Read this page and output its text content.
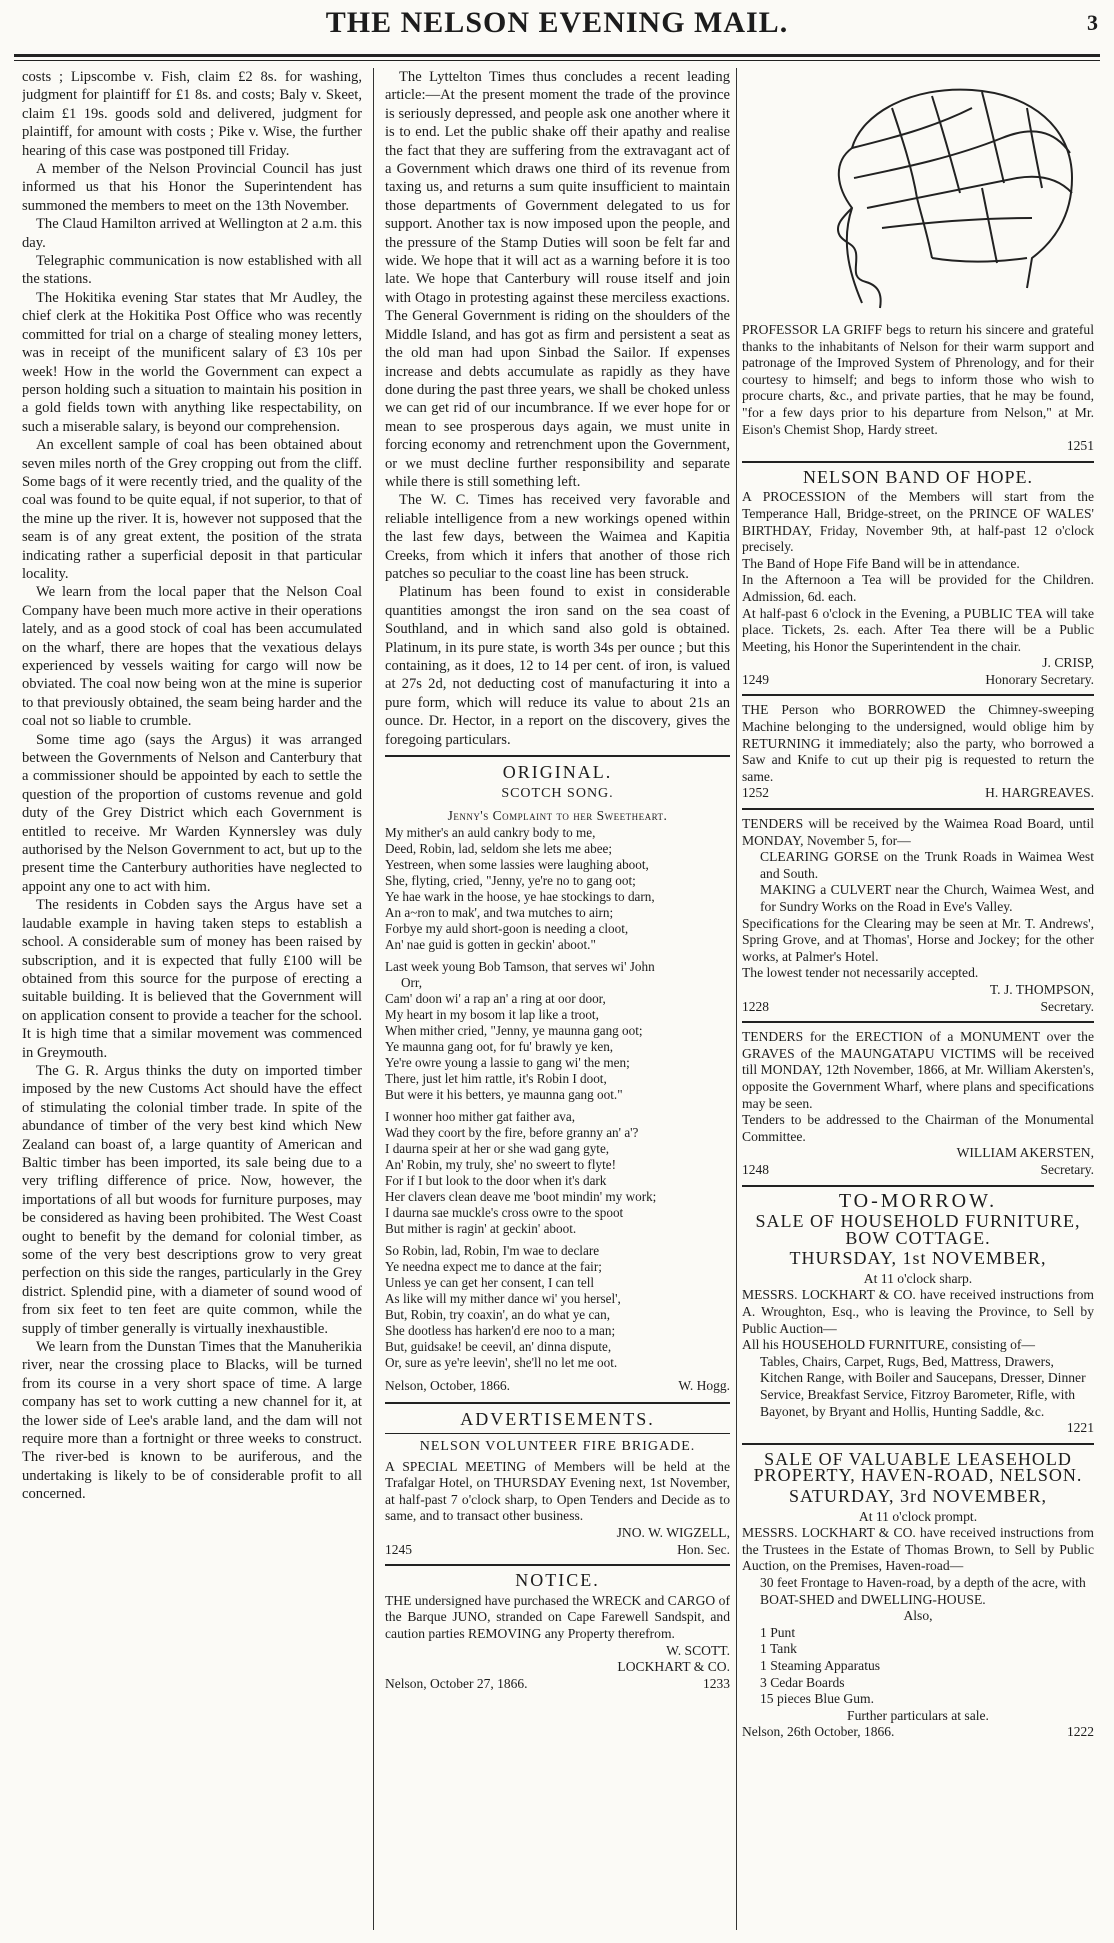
THE NELSON EVENING MAIL.	3

costs ; Lipscombe v. Fish, claim £2 8s. for washing, judgment for plaintiff for £1 8s. and costs; Baly v. Skeet, claim £1 19s. goods sold and delivered, judgment for plaintiff, for amount with costs ; Pike v. Wise, the further hearing of this case was postponed till Friday.

A member of the Nelson Provincial Council has just informed us that his Honor the Superintendent has summoned the members to meet on the 13th November.

The Claud Hamilton arrived at Wellington at 2 a.m. this day.

Telegraphic communication is now established with all the stations.

The Hokitika evening Star states that Mr Audley, the chief clerk at the Hokitika Post Office who was recently committed for trial on a charge of stealing money letters, was in receipt of the munificent salary of £3 10s per week! How in the world the Government can expect a person holding such a situation to maintain his position in a gold fields town with anything like respectability, on such a miserable salary, is beyond our comprehension.

An excellent sample of coal has been obtained about seven miles north of the Grey cropping out from the cliff. Some bags of it were recently tried, and the quality of the coal was found to be quite equal, if not superior, to that of the mine up the river. It is, however not supposed that the seam is of any great extent, the position of the strata indicating rather a superficial deposit in that particular locality.

We learn from the local paper that the Nelson Coal Company have been much more active in their operations lately, and as a good stock of coal has been accumulated on the wharf, there are hopes that the vexatious delays experienced by vessels waiting for cargo will now be obviated. The coal now being won at the mine is superior to that previously obtained, the seam being harder and the coal not so liable to crumble.

Some time ago (says the Argus) it was arranged between the Governments of Nelson and Canterbury that a commissioner should be appointed by each to settle the question of the proportion of customs revenue and gold duty of the Grey District which each Government is entitled to receive. Mr Warden Kynnersley was duly authorised by the Nelson Government to act, but up to the present time the Canterbury authorities have neglected to appoint any one to act with him.

The residents in Cobden says the Argus have set a laudable example in having taken steps to establish a school. A considerable sum of money has been raised by subscription, and it is expected that fully £100 will be obtained from this source for the purpose of erecting a suitable building. It is believed that the Government will on application consent to provide a teacher for the school. It is high time that a similar movement was commenced in Greymouth.

The G. R. Argus thinks the duty on imported timber imposed by the new Customs Act should have the effect of stimulating the colonial timber trade. In spite of the abundance of timber of the very best kind which New Zealand can boast of, a large quantity of American and Baltic timber has been imported, its sale being due to a very trifling difference of price. Now, however, the importations of all but woods for furniture purposes, may be considered as having been prohibited. The West Coast ought to benefit by the demand for colonial timber, as some of the very best descriptions grow to very great perfection on this side the ranges, particularly in the Grey district. Splendid pine, with a diameter of sound wood of from six feet to ten feet are quite common, while the supply of timber generally is virtually inexhaustible.

We learn from the Dunstan Times that the Manuherikia river, near the crossing place to Blacks, will be turned from its course in a very short space of time. A large company has set to work cutting a new channel for it, at the lower side of Lee's arable land, and the dam will not require more than a fortnight or three weeks to construct. The river-bed is known to be auriferous, and the undertaking is likely to be of considerable profit to all concerned.

The Lyttelton Times thus concludes a recent leading article:—At the present moment the trade of the province is seriously depressed, and people ask one another where it is to end. Let the public shake off their apathy and realise the fact that they are suffering from the extravagant act of a Government which draws one third of its revenue from taxing us, and returns a sum quite insufficient to maintain those departments of Government delegated to us for support. Another tax is now imposed upon the people, and the pressure of the Stamp Duties will soon be felt far and wide. We hope that it will act as a warning before it is too late. We hope that Canterbury will rouse itself and join with Otago in protesting against these merciless exactions. The General Government is riding on the shoulders of the Middle Island, and has got as firm and persistent a seat as the old man had upon Sinbad the Sailor. If expenses increase and debts accumulate as rapidly as they have done during the past three years, we shall be choked unless we can get rid of our incumbrance. If we ever hope for or mean to see prosperous days again, we must unite in forcing economy and retrenchment upon the Government, or we must decline further responsibility and separate while there is still something left.

The W. C. Times has received very favorable and reliable intelligence from a new workings opened within the last few days, between the Waimea and Kapitia Creeks, from which it infers that another of those rich patches so peculiar to the coast line has been struck.

Platinum has been found to exist in considerable quantities amongst the iron sand on the sea coast of Southland, and in which sand also gold is obtained. Platinum, in its pure state, is worth 34s per ounce ; but this containing, as it does, 12 to 14 per cent. of iron, is valued at 27s 2d, not deducting cost of manufacturing it into a pure form, which will reduce its value to about 21s an ounce. Dr. Hector, in a report on the discovery, gives the foregoing particulars.

ORIGINAL.
SCOTCH SONG.
Jenny's Complaint to her Sweetheart.
My mither's an auld cankry body to me,
Deed, Robin, lad, seldom she lets me abee;
Yestreen, when some lassies were laughing aboot,
She, flyting, cried, "Jenny, ye're no to gang oot;
Ye hae wark in the hoose, ye hae stockings to darn,
An a~ron to mak', and twa mutches to airn;
Forbye my auld short-goon is needing a cloot,
An' nae guid is gotten in geckin' aboot."
Last week young Bob Tamson, that serves wi' John
Orr,
Cam' doon wi' a rap an' a ring at oor door,
My heart in my bosom it lap like a troot,
When mither cried, "Jenny, ye maunna gang oot;
Ye maunna gang oot, for fu' brawly ye ken,
Ye're owre young a lassie to gang wi' the men;
There, just let him rattle, it's Robin I doot,
But were it his betters, ye maunna gang oot."
I wonner hoo mither gat faither ava,
Wad they coort by the fire, before granny an' a'?
I daurna speir at her or she wad gang gyte,
An' Robin, my truly, she' no sweert to flyte!
For if I but look to the door when it's dark
Her clavers clean deave me 'boot mindin' my work;
I daurna sae muckle's cross owre to the spoot
But mither is ragin' at geckin' aboot.
So Robin, lad, Robin, I'm wae to declare
Ye needna expect me to dance at the fair;
Unless ye can get her consent, I can tell
As like will my mither dance wi' you hersel',
But, Robin, try coaxin', an do what ye can,
She dootless has harken'd ere noo to a man;
But, guidsake! be ceevil, an' dinna dispute,
Or, sure as ye're leevin', she'll no let me oot.
Nelson, October, 1866.	W. Hogg.
ADVERTISEMENTS.
NELSON VOLUNTEER FIRE BRIGADE.

A SPECIAL MEETING of Members will be held at the Trafalgar Hotel, on THURSDAY Evening next, 1st November, at half-past 7 o'clock sharp, to Open Tenders and Decide as to same, and to transact other business.

JNO. W. WIGZELL,
1245	Hon. Sec.
NOTICE.

THE undersigned have purchased the WRECK and CARGO of the Barque JUNO, stranded on Cape Farewell Sandspit, and caution parties REMOVING any Property therefrom.

W. SCOTT.
LOCKHART & CO.
Nelson, October 27, 1866.	1233

PROFESSOR LA GRIFF begs to return his sincere and grateful thanks to the inhabitants of Nelson for their warm support and patronage of the Improved System of Phrenology, and for their courtesy to himself; and begs to inform those who wish to procure charts, &c., and private parties, that he may be found, "for a few days prior to his departure from Nelson," at Mr. Eison's Chemist Shop, Hardy street.

1251
NELSON BAND OF HOPE.

A PROCESSION of the Members will start from the Temperance Hall, Bridge-street, on the PRINCE OF WALES' BIRTHDAY, Friday, November 9th, at half-past 12 o'clock precisely.

The Band of Hope Fife Band will be in attendance.

In the Afternoon a Tea will be provided for the Children. Admission, 6d. each.

At half-past 6 o'clock in the Evening, a PUBLIC TEA will take place. Tickets, 2s. each. After Tea there will be a Public Meeting, his Honor the Superintendent in the chair.

J. CRISP,
1249	Honorary Secretary.

THE Person who BORROWED the Chimney-sweeping Machine belonging to the undersigned, would oblige him by RETURNING it immediately; also the party, who borrowed a Saw and Knife to cut up their pig is requested to return the same.

1252	H. HARGREAVES.

TENDERS will be received by the Waimea Road Board, until MONDAY, November 5, for—

CLEARING GORSE on the Trunk Roads in Waimea West and South.

MAKING a CULVERT near the Church, Waimea West, and for Sundry Works on the Road in Eve's Valley.

Specifications for the Clearing may be seen at Mr. T. Andrews', Spring Grove, and at Thomas', Horse and Jockey; for the other works, at Palmer's Hotel.

The lowest tender not necessarily accepted.

T. J. THOMPSON,
1228	Secretary.

TENDERS for the ERECTION of a MONUMENT over the GRAVES of the MAUNGATAPU VICTIMS will be received till MONDAY, 12th November, 1866, at Mr. William Akersten's, opposite the Government Wharf, where plans and specifications may be seen.

Tenders to be addressed to the Chairman of the Monumental Committee.

WILLIAM AKERSTEN,
1248	Secretary.
TO-MORROW.
SALE OF HOUSEHOLD FURNITURE, BOW COTTAGE.
THURSDAY, 1st NOVEMBER,
At 11 o'clock sharp.

MESSRS. LOCKHART & CO. have received instructions from A. Wroughton, Esq., who is leaving the Province, to Sell by Public Auction—

All his HOUSEHOLD FURNITURE, consisting of—

Tables, Chairs, Carpet, Rugs, Bed, Mattress, Drawers, Kitchen Range, with Boiler and Saucepans, Dresser, Dinner Service, Breakfast Service, Fitzroy Barometer, Rifle, with Bayonet, by Bryant and Hollis, Hunting Saddle, &c.

1221
SALE OF VALUABLE LEASEHOLD PROPERTY, HAVEN-ROAD, NELSON.
SATURDAY, 3rd NOVEMBER,
At 11 o'clock prompt.

MESSRS. LOCKHART & CO. have received instructions from the Trustees in the Estate of Thomas Brown, to Sell by Public Auction, on the Premises, Haven-road—

30 feet Frontage to Haven-road, by a depth of the acre, with BOAT-SHED and DWELLING-HOUSE.

Also,
1 Punt
1 Tank
1 Steaming Apparatus
3 Cedar Boards
15 pieces Blue Gum.
Further particulars at sale.
Nelson, 26th October, 1866.	1222
